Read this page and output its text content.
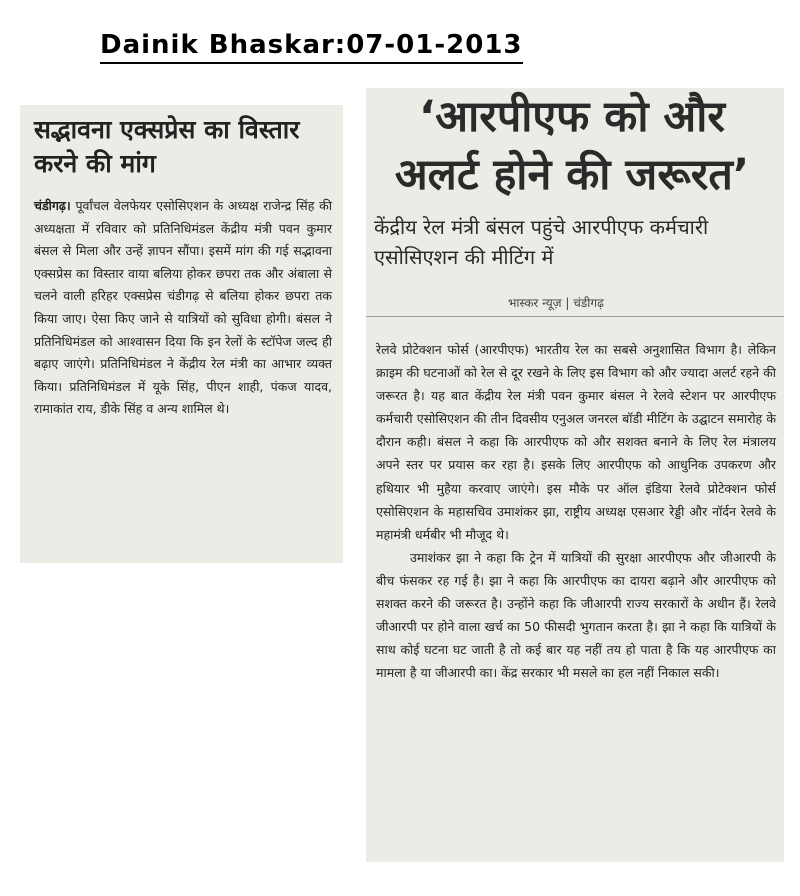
Dainik Bhaskar:07-01-2013
सद्भावना एक्सप्रेस का विस्तार करने की मांग

चंडीगढ़। पूर्वांचल वेलफेयर एसोसिएशन के अध्यक्ष राजेन्द्र सिंह की अध्यक्षता में रविवार को प्रतिनिधिमंडल केंद्रीय मंत्री पवन कुमार बंसल से मिला और उन्हें ज्ञापन सौंपा। इसमें मांग की गई सद्भावना एक्सप्रेस का विस्तार वाया बलिया होकर छपरा तक और अंबाला से चलने वाली हरिहर एक्सप्रेस चंडीगढ़ से बलिया होकर छपरा तक किया जाए। ऐसा किए जाने से यात्रियों को सुविधा होगी। बंसल ने प्रतिनिधिमंडल को आश्वासन दिया कि इन रेलों के स्टॉपेज जल्द ही बढ़ाए जाएंगे। प्रतिनिधिमंडल ने केंद्रीय रेल मंत्री का आभार व्यक्त किया। प्रतिनिधिमंडल में यूके सिंह, पीएन शाही, पंकज यादव, रामाकांत राय, डीके सिंह व अन्य शामिल थे।

‘आरपीएफ को और अलर्ट होने की जरूरत’

केंद्रीय रेल मंत्री बंसल पहुंचे आरपीएफ कर्मचारी एसोसिएशन की मीटिंग में

भास्कर न्यूज़ | चंडीगढ़

रेलवे प्रोटेक्शन फोर्स (आरपीएफ) भारतीय रेल का सबसे अनुशासित विभाग है। लेकिन क्राइम की घटनाओं को रेल से दूर रखने के लिए इस विभाग को और ज्यादा अलर्ट रहने की जरूरत है। यह बात केंद्रीय रेल मंत्री पवन कुमार बंसल ने रेलवे स्टेशन पर आरपीएफ कर्मचारी एसोसिएशन की तीन दिवसीय एनुअल जनरल बॉडी मीटिंग के उद्घाटन समारोह के दौरान कही। बंसल ने कहा कि आरपीएफ को और सशक्त बनाने के लिए रेल मंत्रालय अपने स्तर पर प्रयास कर रहा है। इसके लिए आरपीएफ को आधुनिक उपकरण और हथियार भी मुहैया करवाए जाएंगे। इस मौके पर ऑल इंडिया रेलवे प्रोटेक्शन फोर्स एसोसिएशन के महासचिव उमाशंकर झा, राष्ट्रीय अध्यक्ष एसआर रेड्डी और नॉर्दन रेलवे के महामंत्री धर्मबीर भी मौजूद थे।

उमाशंकर झा ने कहा कि ट्रेन में यात्रियों की सुरक्षा आरपीएफ और जीआरपी के बीच फंसकर रह गई है। झा ने कहा कि आरपीएफ का दायरा बढ़ाने और आरपीएफ को सशक्त करने की जरूरत है। उन्होंने कहा कि जीआरपी राज्य सरकारों के अधीन हैं। रेलवे जीआरपी पर होने वाला खर्च का 50 फीसदी भुगतान करता है। झा ने कहा कि यात्रियों के साथ कोई घटना घट जाती है तो कई बार यह नहीं तय हो पाता है कि यह आरपीएफ का मामला है या जीआरपी का। केंद्र सरकार भी मसले का हल नहीं निकाल सकी।
